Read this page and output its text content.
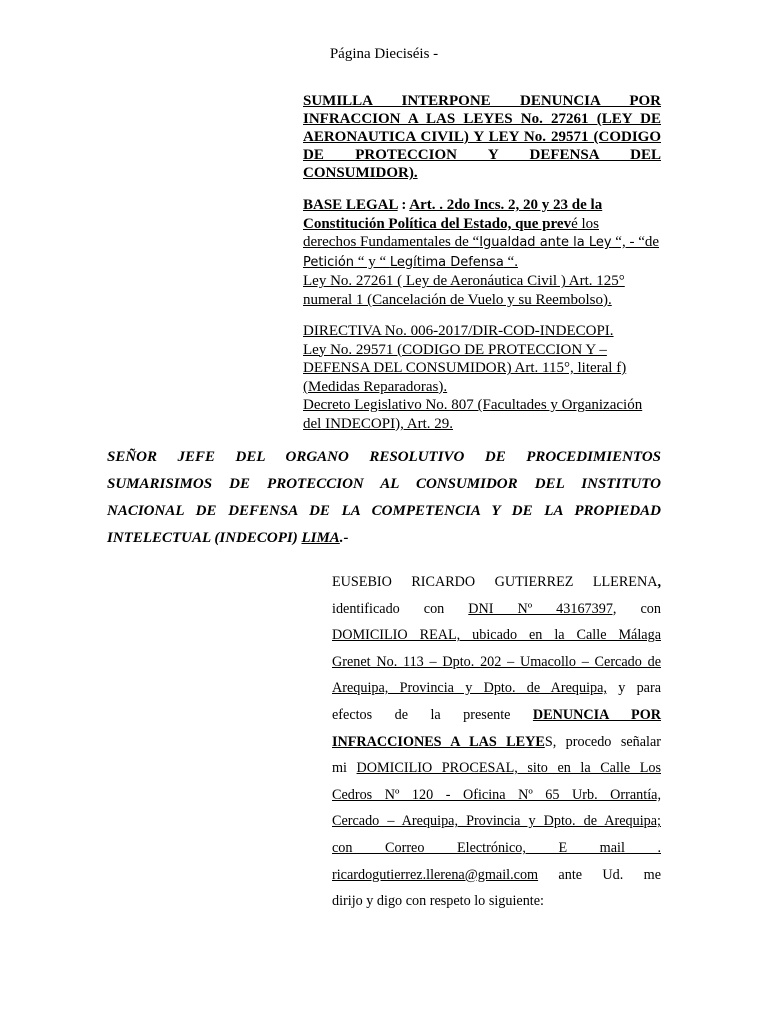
Página Dieciséis -
SUMILLA INTERPONE DENUNCIA POR
INFRACCION A LAS LEYES No. 27261 (LEY DE
AERONAUTICA CIVIL) Y LEY No. 29571 (CODIGO
DE PROTECCION Y DEFENSA DEL
CONSUMIDOR).
BASE LEGAL : Art. . 2do Incs. 2, 20 y 23 de la
Constitución Política del Estado, que prevé los
derechos Fundamentales de “Igualdad ante la Ley “, - “de
Petición “ y “ Legítima Defensa “.
Ley No. 27261 ( Ley de Aeronáutica Civil ) Art. 125°
numeral 1 (Cancelación de Vuelo y su Reembolso).
DIRECTIVA No. 006-2017/DIR-COD-INDECOPI.
Ley No. 29571 (CODIGO DE PROTECCION Y –
DEFENSA DEL CONSUMIDOR) Art. 115°, literal f)
(Medidas Reparadoras).
Decreto Legislativo No. 807 (Facultades y Organización
del INDECOPI), Art. 29.
SEÑOR JEFE DEL ORGANO RESOLUTIVO DE PROCEDIMIENTOS
SUMARISIMOS DE PROTECCION AL CONSUMIDOR DEL INSTITUTO
NACIONAL DE DEFENSA DE LA COMPETENCIA Y DE LA PROPIEDAD
INTELECTUAL (INDECOPI) LIMA.-
EUSEBIO RICARDO GUTIERREZ LLERENA,
identificado con DNI Nº 43167397, con
DOMICILIO REAL, ubicado en la Calle Málaga
Grenet No. 113 – Dpto. 202 – Umacollo – Cercado de
Arequipa, Provincia y Dpto. de Arequipa, y para
efectos de la presente DENUNCIA POR
INFRACCIONES A LAS LEYES, procedo señalar
mi DOMICILIO PROCESAL, sito en la Calle Los
Cedros Nº 120 - Oficina Nº 65 Urb. Orrantía,
Cercado – Arequipa, Provincia y Dpto. de Arequipa;
con Correo Electrónico, E mail .
ricardogutierrez.llerena@gmail.com ante Ud. me
dirijo y digo con respeto lo siguiente:
